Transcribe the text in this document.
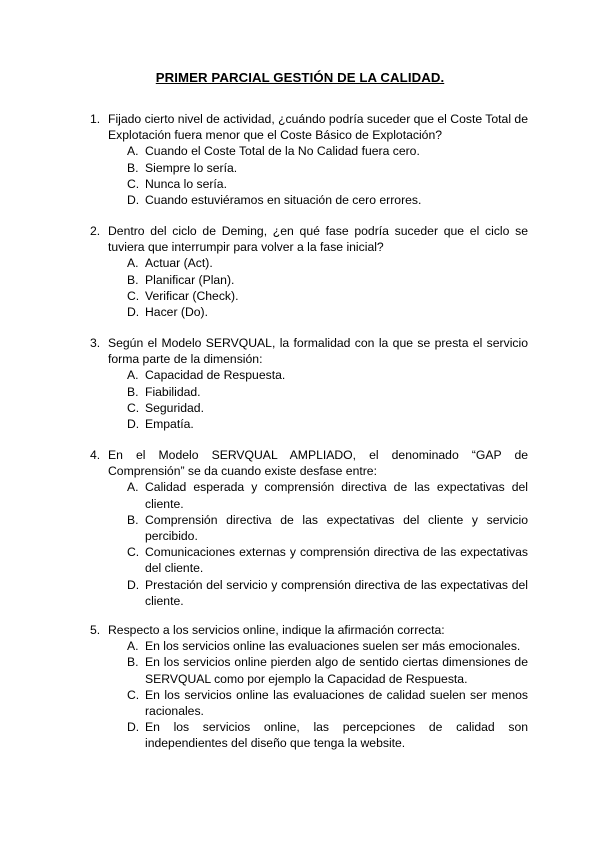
PRIMER PARCIAL GESTIÓN DE LA CALIDAD.
1. Fijado cierto nivel de actividad, ¿cuándo podría suceder que el Coste Total de Explotación fuera menor que el Coste Básico de Explotación?
A. Cuando el Coste Total de la No Calidad fuera cero.
B. Siempre lo sería.
C. Nunca lo sería.
D. Cuando estuviéramos en situación de cero errores.
2. Dentro del ciclo de Deming, ¿en qué fase podría suceder que el ciclo se tuviera que interrumpir para volver a la fase inicial?
A. Actuar (Act).
B. Planificar (Plan).
C. Verificar (Check).
D. Hacer (Do).
3. Según el Modelo SERVQUAL, la formalidad con la que se presta el servicio forma parte de la dimensión:
A. Capacidad de Respuesta.
B. Fiabilidad.
C. Seguridad.
D. Empatía.
4. En el Modelo SERVQUAL AMPLIADO, el denominado “GAP de Comprensión” se da cuando existe desfase entre:
A. Calidad esperada y comprensión directiva de las expectativas del cliente.
B. Comprensión directiva de las expectativas del cliente y servicio percibido.
C. Comunicaciones externas y comprensión directiva de las expectativas del cliente.
D. Prestación del servicio y comprensión directiva de las expectativas del cliente.
5. Respecto a los servicios online, indique la afirmación correcta:
A. En los servicios online las evaluaciones suelen ser más emocionales.
B. En los servicios online pierden algo de sentido ciertas dimensiones de SERVQUAL como por ejemplo la Capacidad de Respuesta.
C. En los servicios online las evaluaciones de calidad suelen ser menos racionales.
D. En los servicios online, las percepciones de calidad son independientes del diseño que tenga la website.
